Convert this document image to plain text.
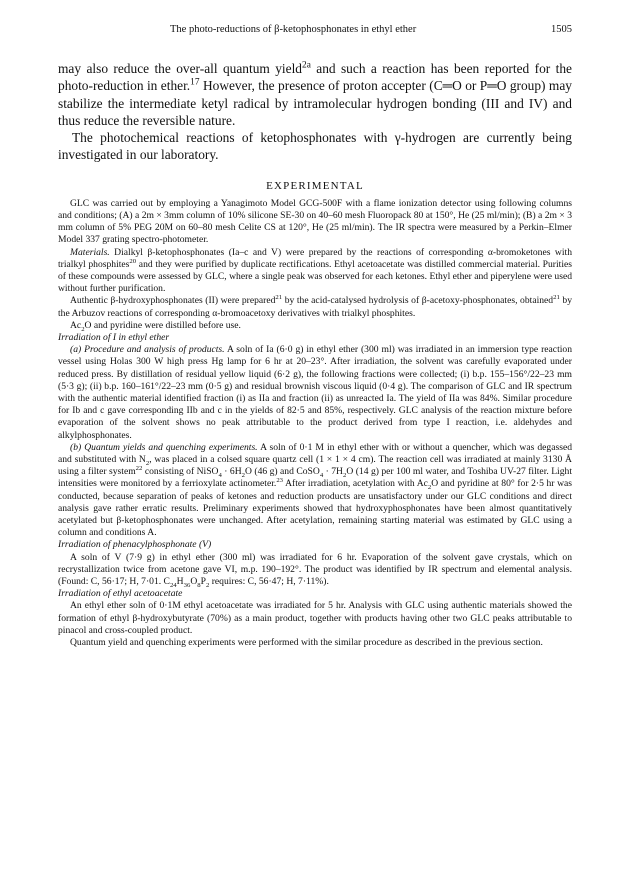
The photo-reductions of β-ketophosphonates in ethyl ether	1505

may also reduce the over-all quantum yield$^{2a}$ and such a reaction has been reported for the photo-reduction in ether.$^{17}$ However, the presence of proton accepter (C═O or P═O group) may stabilize the intermediate ketyl radical by intramolecular hydrogen bonding (III and IV) and thus reduce the reversible nature.

The photochemical reactions of ketophosphonates with γ-hydrogen are currently being investigated in our laboratory.

EXPERIMENTAL

GLC was carried out by employing a Yanagimoto Model GCG-500F with a flame ionization detector using following columns and conditions; (A) a 2m × 3mm column of 10% silicone SE-30 on 40–60 mesh Fluoropack 80 at 150°, He (25 ml/min); (B) a 2m × 3 mm column of 5% PEG 20M on 60–80 mesh Celite CS at 120°, He (25 ml/min). The IR spectra were measured by a Perkin–Elmer Model 337 grating spectro-photometer.

Materials. Dialkyl β-ketophosphonates (Ia–c and V) were prepared by the reactions of corresponding α-bromoketones with trialkyl phosphites$^{20}$ and they were purified by duplicate rectifications. Ethyl acetoacetate was distilled commercial material. Purities of these compounds were assessed by GLC, where a single peak was observed for each ketones. Ethyl ether and piperylene were used without further purification.

Authentic β-hydroxyphosphonates (II) were prepared$^{21}$ by the acid-catalysed hydrolysis of β-acetoxy-phosphonates, obtained$^{21}$ by the Arbuzov reactions of corresponding α-bromoacetoxy derivatives with trialkyl phosphites.

$Ac_2O$ and pyridine were distilled before use.

Irradiation of I in ethyl ether

(a) Procedure and analysis of products. A soln of Ia (6·0 g) in ethyl ether (300 ml) was irradiated in an immersion type reaction vessel using Holas 300 W high press Hg lamp for 6 hr at 20–23°. After irradiation, the solvent was carefully evaporated under reduced press. By distillation of residual yellow liquid (6·2 g), the following fractions were collected; (i) b.p. 155–156°/22–23 mm (5·3 g); (ii) b.p. 160–161°/22–23 mm (0·5 g) and residual brownish viscous liquid (0·4 g). The comparison of GLC and IR spectrum with the authentic material identified fraction (i) as IIa and fraction (ii) as unreacted Ia. The yield of IIa was 84%. Similar procedure for Ib and c gave corresponding IIb and c in the yields of 82·5 and 85%, respectively. GLC analysis of the reaction mixture before evaporation of the solvent shows no peak attributable to the product derived from type I reaction, i.e. aldehydes and alkylphosphonates.

(b) Quantum yields and quenching experiments. A soln of 0·1 M in ethyl ether with or without a quencher, which was degassed and substituted with $N_2$, was placed in a colsed square quartz cell (1 × 1 × 4 cm). The reaction cell was irradiated at mainly 3130 Å using a filter system$^{22}$ consisting of NiSO$_4$ · $6H_2O$ (46 g) and CoSO$_4$ · $7H_2O$ (14 g) per 100 ml water, and Toshiba UV-27 filter. Light intensities were monitored by a ferrioxylate actinometer.$^{23}$ After irradiation, acetylation with $Ac_2O$ and pyridine at 80° for 2·5 hr was conducted, because separation of peaks of ketones and reduction products are unsatisfactory under our GLC conditions and direct analysis gave rather erratic results. Preliminary experiments showed that hydroxyphosphonates have been almost quantitatively acetylated but β-ketophosphonates were unchanged. After acetylation, remaining starting material was estimated by GLC using a column and conditions A.

Irradiation of phenacylphosphonate (V)

A soln of V (7·9 g) in ethyl ether (300 ml) was irradiated for 6 hr. Evaporation of the solvent gave crystals, which on recrystallization twice from acetone gave VI, m.p. 190–192°. The product was identified by IR spectrum and elemental analysis. (Found: C, 56·17; H, 7·01. $C_{24}H_{36}O_8P_2$ requires: C, 56·47; H, 7·11%).

Irradiation of ethyl acetoacetate

An ethyl ether soln of 0·1M ethyl acetoacetate was irradiated for 5 hr. Analysis with GLC using authentic materials showed the formation of ethyl β-hydroxybutyrate (70%) as a main product, together with products having other two GLC peaks attributable to pinacol and cross-coupled product.

Quantum yield and quenching experiments were performed with the similar procedure as described in the previous section.
